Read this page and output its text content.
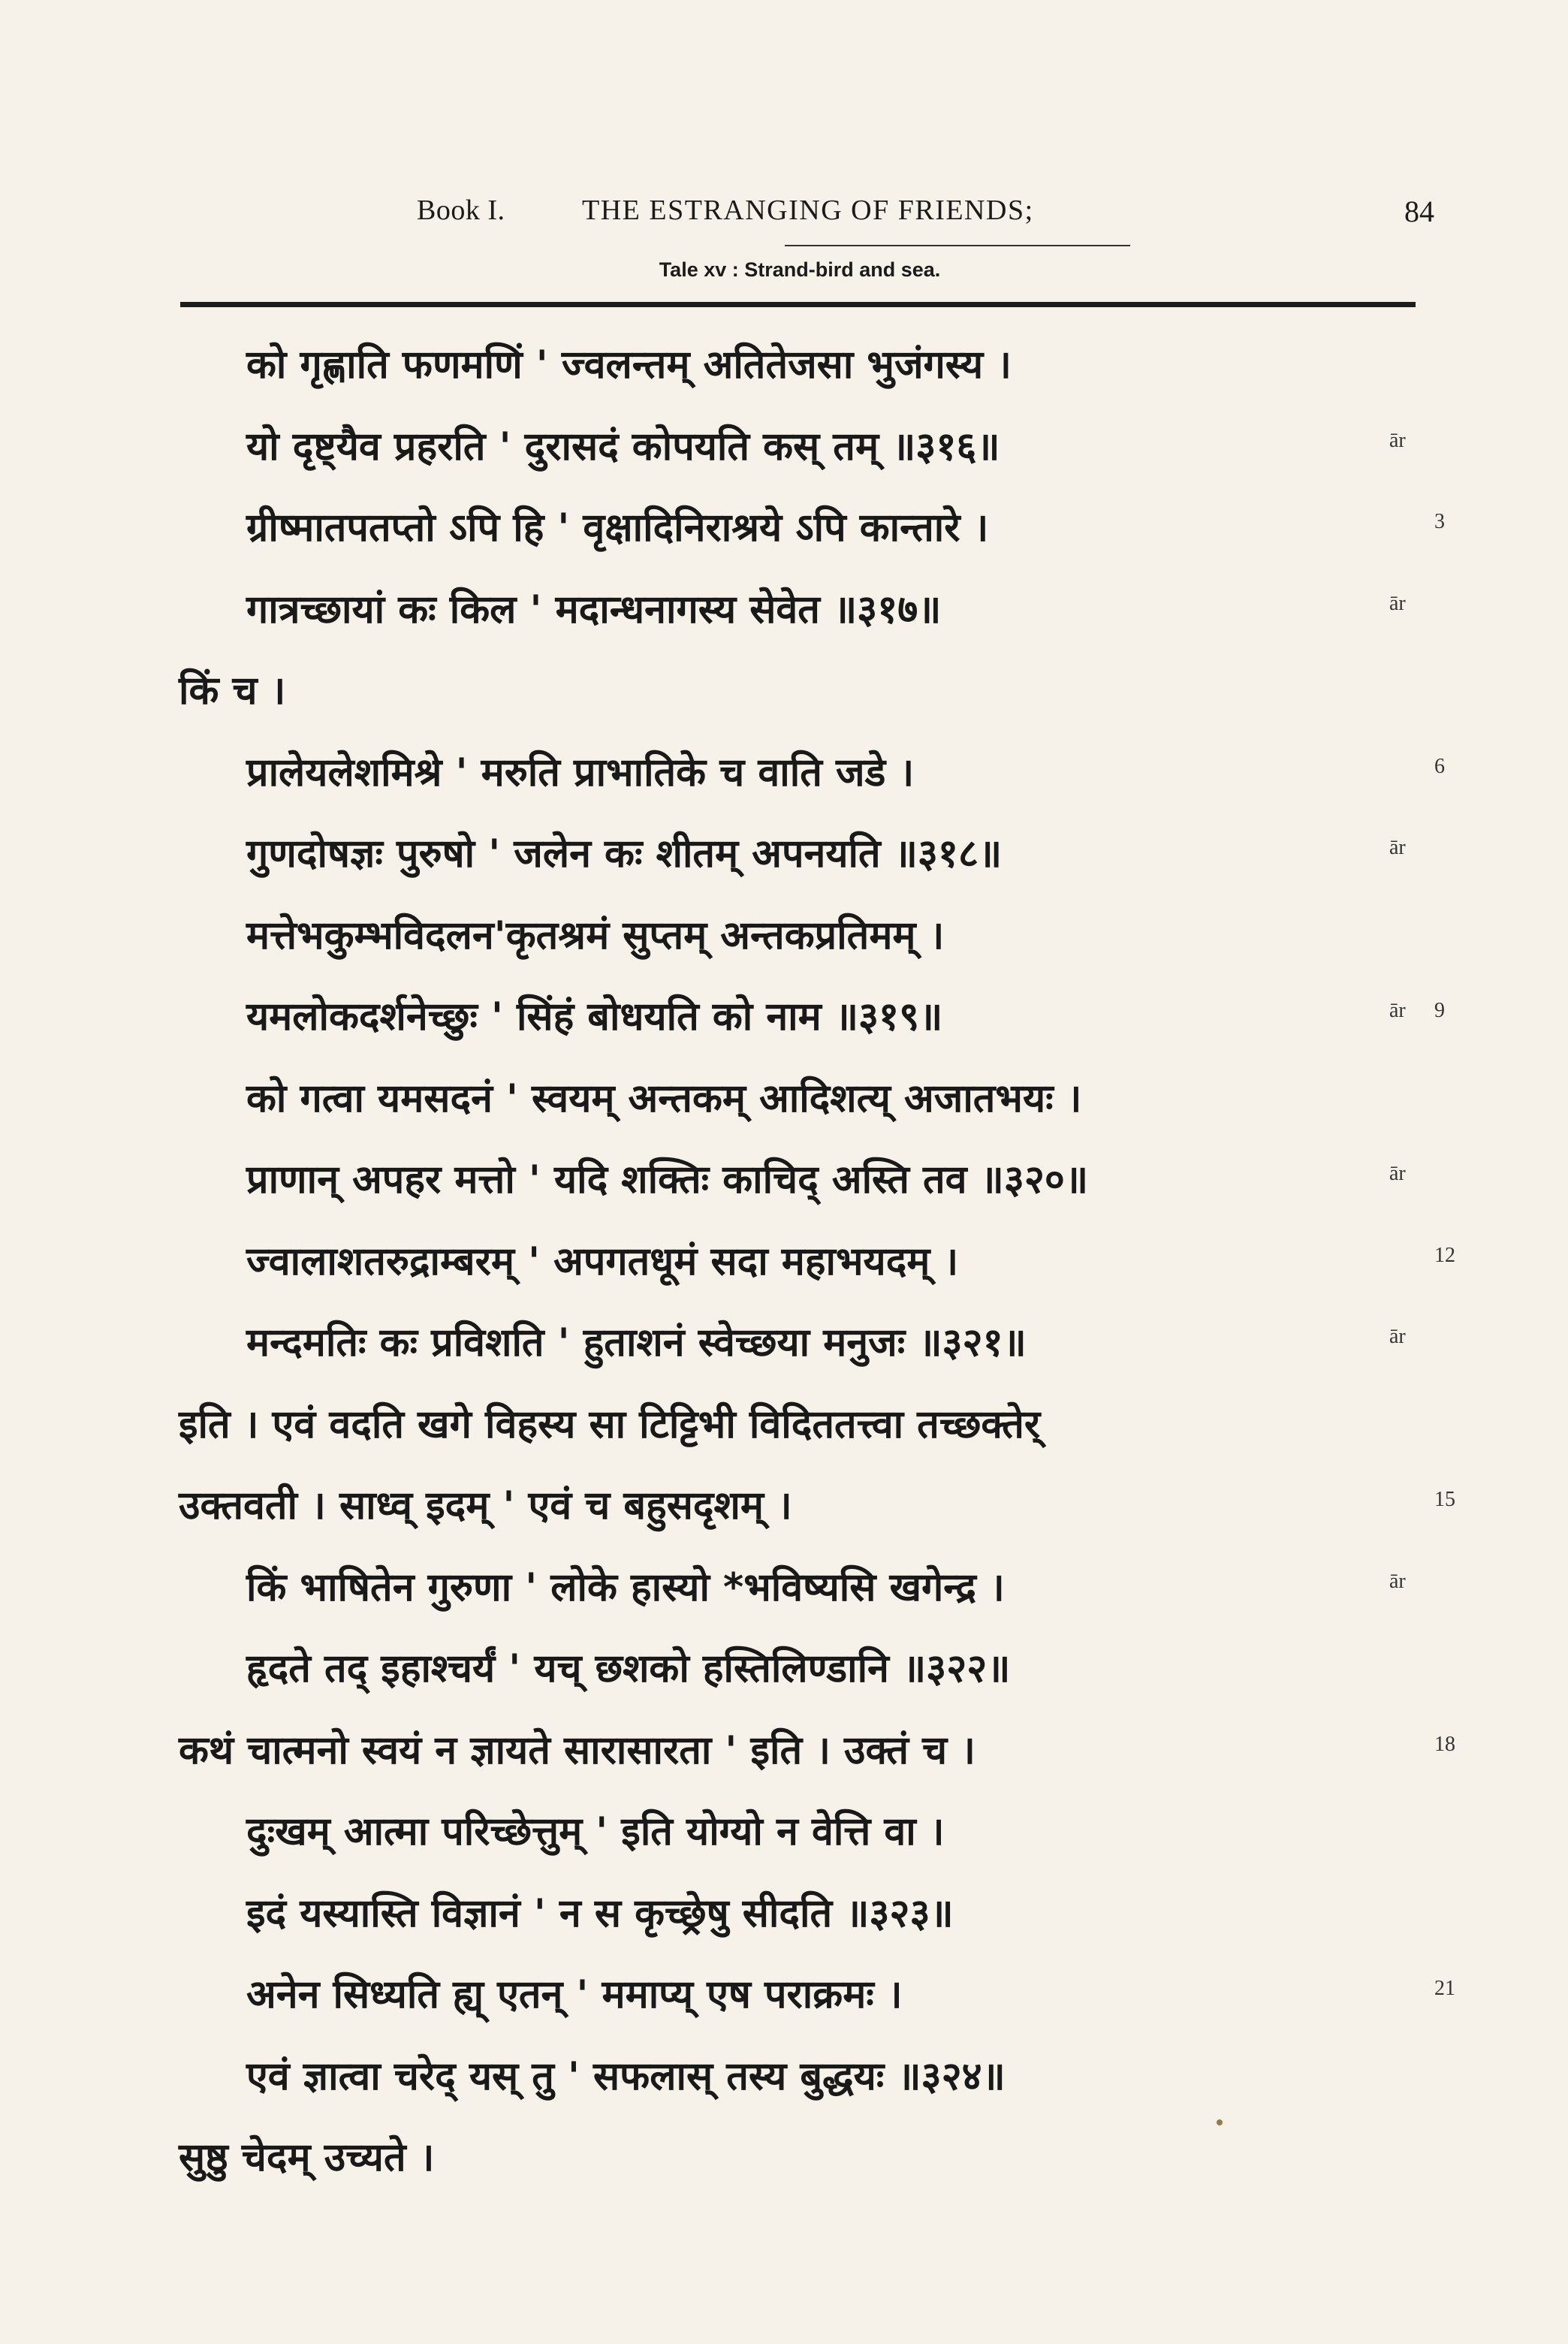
Book I.	THE ESTRANGING OF FRIENDS;	84
Tale xv : Strand-bird and sea.
को गृह्णाति फणमणिं ' ज्वलन्तम् अतितेजसा भुजंगस्य ।
यो दृष्ट्यैव प्रहरति ' दुरासदं कोपयति कस् तम् ॥३१६॥	ār
ग्रीष्मातपतप्तो ऽपि हि ' वृक्षादिनिराश्रये ऽपि कान्तारे ।	3
गात्रच्छायां कः किल ' मदान्धनागस्य सेवेत ॥३१७॥	ār
किं च ।
प्रालेयलेशमिश्रे ' मरुति प्राभातिके च वाति जडे ।	6
गुणदोषज्ञः पुरुषो ' जलेन कः शीतम् अपनयति ॥३१८॥	ār
मत्तेभकुम्भविदलन'कृतश्रमं सुप्तम् अन्तकप्रतिमम् ।
यमलोकदर्शनेच्छुः ' सिंहं बोधयति को नाम ॥३१९॥	ār 9
को गत्वा यमसदनं ' स्वयम् अन्तकम् आदिशत्य् अजातभयः ।
प्राणान् अपहर मत्तो ' यदि शक्तिः काचिद् अस्ति तव ॥३२०॥	ār
ज्वालाशतरुद्राम्बरम् ' अपगतधूमं सदा महाभयदम् ।	12
मन्दमतिः कः प्रविशति ' हुताशनं स्वेच्छया मनुजः ॥३२१॥	ār
इति । एवं वदति खगे विहस्य सा टिट्टिभी विदिततत्त्वा तच्छक्तेर्
उक्तवती । साध्व् इदम् ' एवं च बहुसदृशम् ।	15
किं भाषितेन गुरुणा ' लोके हास्यो *भविष्यसि खगेन्द्र ।	ār
हृदते तद् इहाश्चर्यं ' यच् छशको हस्तिलिण्डानि ॥३२२॥
कथं चात्मनो स्वयं न ज्ञायते सारासारता ' इति । उक्तं च ।	18
दुःखम् आत्मा परिच्छेत्तुम् ' इति योग्यो न वेत्ति वा ।
इदं यस्यास्ति विज्ञानं ' न स कृच्छ्रेषु सीदति ॥३२३॥
अनेन सिध्यति ह्य् एतन् ' ममाप्य् एष पराक्रमः ।	21
एवं ज्ञात्वा चरेद् यस् तु ' सफलास् तस्य बुद्धयः ॥३२४॥
सुष्ठु चेदम् उच्यते ।
